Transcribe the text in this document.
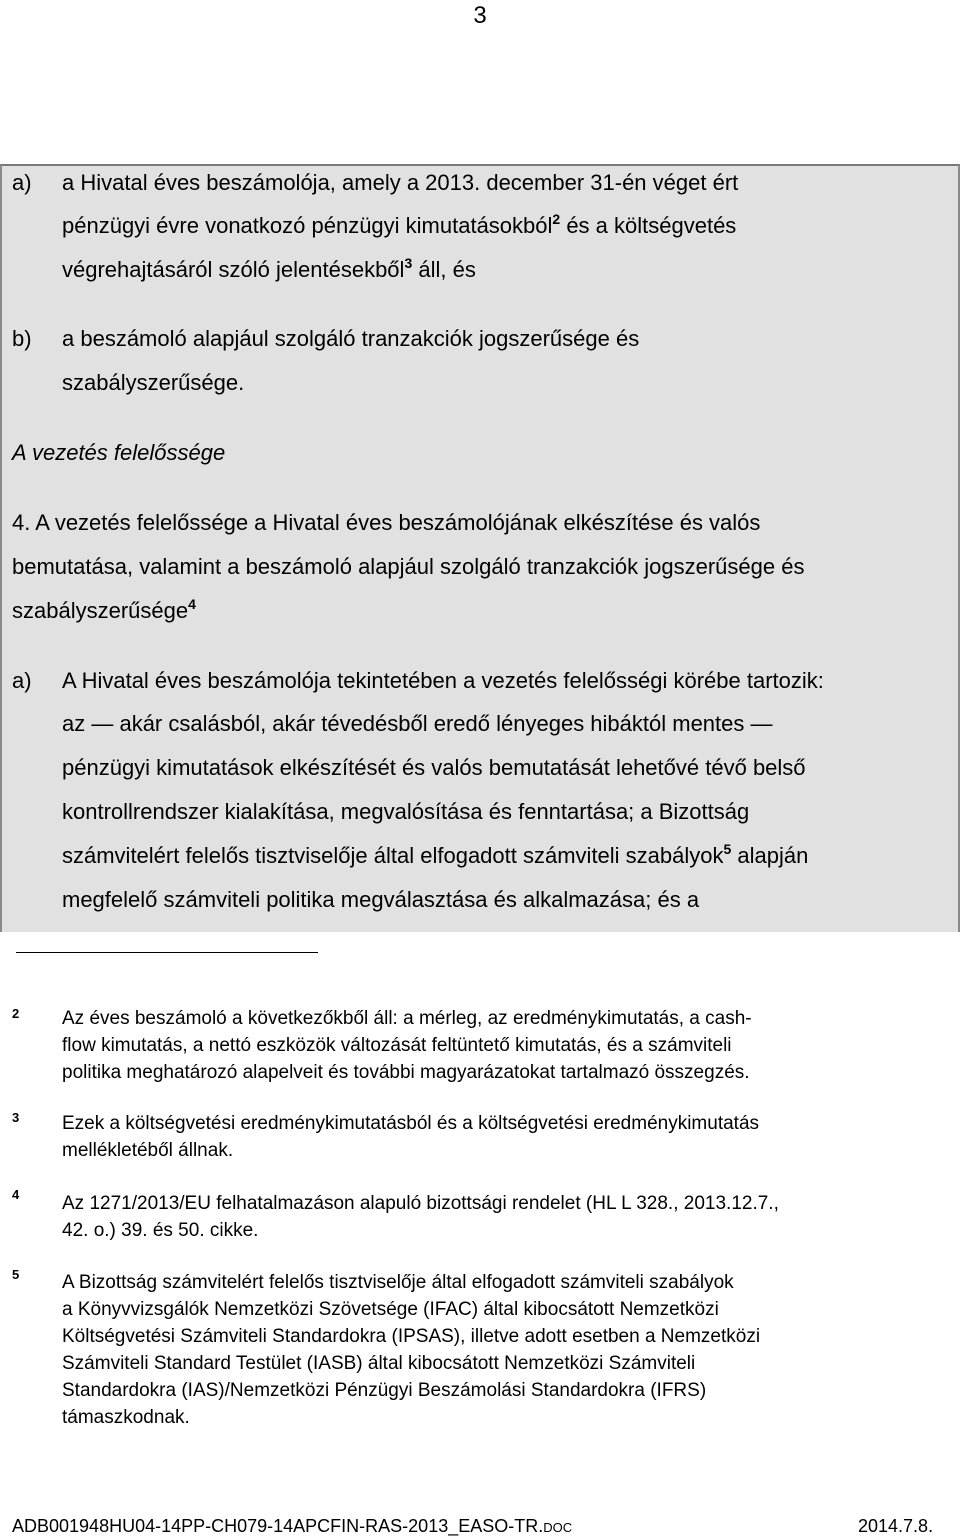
3
a) a Hivatal éves beszámolója, amely a 2013. december 31-én véget ért
pénzügyi évre vonatkozó pénzügyi kimutatásokból$^2$ és a költségvetés
végrehajtásáról szóló jelentésekből$^3$ áll, és
b) a beszámoló alapjául szolgáló tranzakciók jogszerűsége és
szabályszerűsége.
A vezetés felelőssége
4. A vezetés felelőssége a Hivatal éves beszámolójának elkészítése és valós
bemutatása, valamint a beszámoló alapjául szolgáló tranzakciók jogszerűsége és
szabályszerűsége$^4$
a) A Hivatal éves beszámolója tekintetében a vezetés felelősségi körébe tartozik:
az — akár csalásból, akár tévedésből eredő lényeges hibáktól mentes —
pénzügyi kimutatások elkészítését és valós bemutatását lehetővé tévő belső
kontrollrendszer kialakítása, megvalósítása és fenntartása; a Bizottság
számvitelért felelős tisztviselője által elfogadott számviteli szabályok$^5$ alapján
megfelelő számviteli politika megválasztása és alkalmazása; és a
2 Az éves beszámoló a következőkből áll: a mérleg, az eredménykimutatás, a cash-
flow kimutatás, a nettó eszközök változását feltüntető kimutatás, és a számviteli
politika meghatározó alapelveit és további magyarázatokat tartalmazó összegzés.
3 Ezek a költségvetési eredménykimutatásból és a költségvetési eredménykimutatás
mellékletéből állnak.
4 Az 1271/2013/EU felhatalmazáson alapuló bizottsági rendelet (HL L 328., 2013.12.7.,
42. o.) 39. és 50. cikke.
5 A Bizottság számvitelért felelős tisztviselője által elfogadott számviteli szabályok
a Könyvvizsgálók Nemzetközi Szövetsége (IFAC) által kibocsátott Nemzetközi
Költségvetési Számviteli Standardokra (IPSAS), illetve adott esetben a Nemzetközi
Számviteli Standard Testület (IASB) által kibocsátott Nemzetközi Számviteli
Standardokra (IAS)/Nemzetközi Pénzügyi Beszámolási Standardokra (IFRS)
támaszkodnak.
ADB001948HU04-14PP-CH079-14APCFIN-RAS-2013_EASO-TR.DOC	2014.7.8.
